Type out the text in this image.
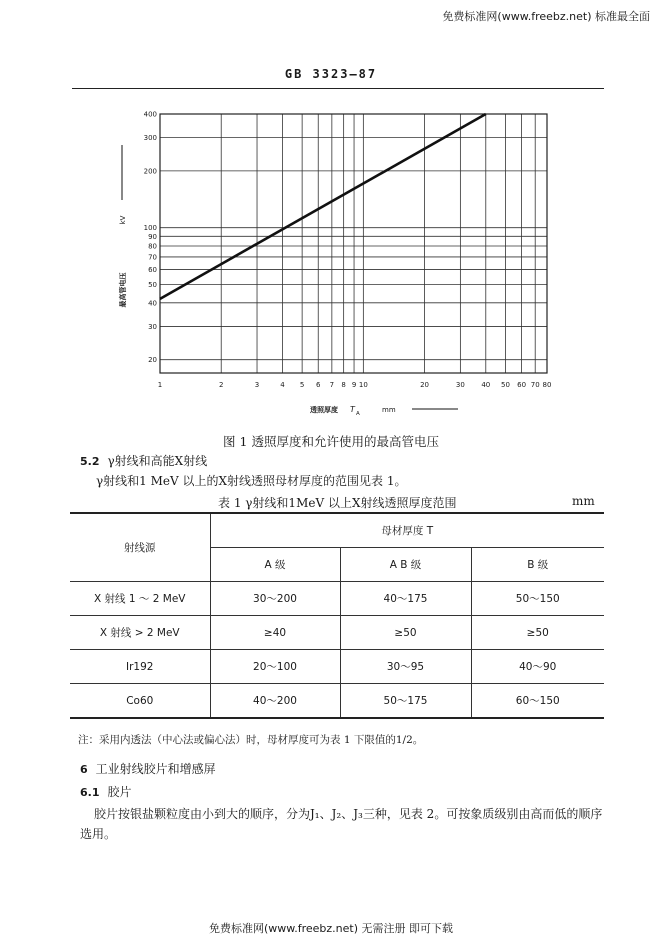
免费标准网(www.freebz.net) 标准最全面
GB 3323—87
20
30
40
50
60
70
80
90
100
200
300
400
1	2	3	4 5 6 7 8 9 10	20	30 40 50 60 70 80
kV
最高管电压
透照厚度 T A	mm
图 1 透照厚度和允许使用的最高管电压
5.2 γ射线和高能X射线
γ射线和1 MeV 以上的X射线透照母材厚度的范围见表 1。
表 1 γ射线和1MeV 以上X射线透照厚度范围	mm
射线源	母材厚度 T		
	A 级	A B 级	B 级
X 射线 1 ～ 2 MeV	30～200	40～175	50～150
X 射线 > 2 MeV	≥40	≥50	≥50
Ir192	20～100	30～95	40～90
Co60	40～200	50～175	60～150
注：采用内透法（中心法或偏心法）时，母材厚度可为表 1 下限值的1/2。
6 工业射线胶片和增感屏
6.1 胶片
胶片按银盐颗粒度由小到大的顺序，分为J₁、J₂、J₃三种，见表 2。可按象质级别由高而低的顺序选用。
免费标准网(www.freebz.net) 无需注册 即可下载
